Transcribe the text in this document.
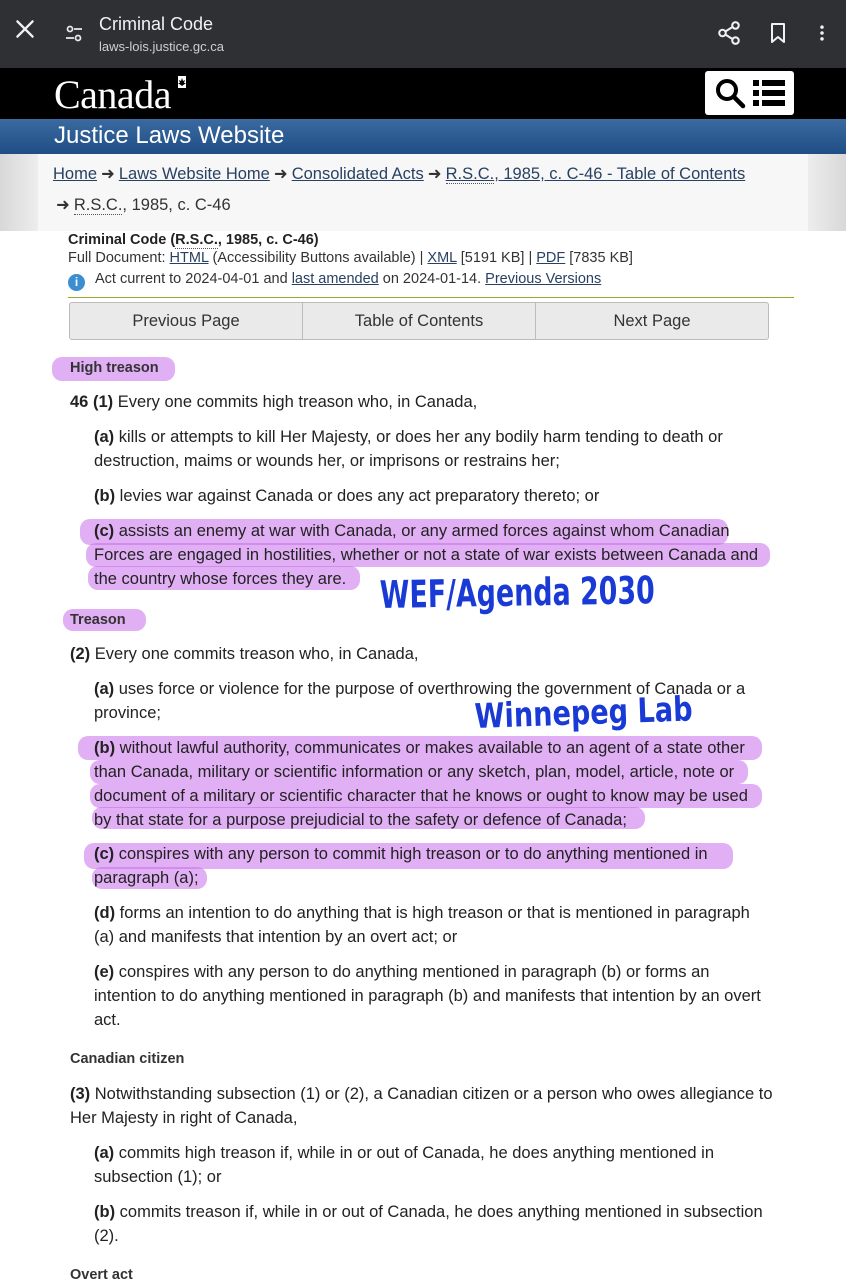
Criminal Code
laws-lois.justice.gc.ca
Canada
Justice Laws Website
Home ➜ Laws Website Home ➜ Consolidated Acts ➜ R.S.C., 1985, c. C-46 - Table of Contents
➜ R.S.C., 1985, c. C-46
Criminal Code (R.S.C., 1985, c. C-46)
Full Document: HTML (Accessibility Buttons available) | XML [5191 KB] | PDF [7835 KB]
i Act current to 2024-04-01 and last amended on 2024-01-14. Previous Versions
Previous Page	Table of Contents	Next Page
High treason
46 (1) Every one commits high treason who, in Canada,
(a) kills or attempts to kill Her Majesty, or does her any bodily harm tending to death or
destruction, maims or wounds her, or imprisons or restrains her;
(b) levies war against Canada or does any act preparatory thereto; or
(c) assists an enemy at war with Canada, or any armed forces against whom Canadian
Forces are engaged in hostilities, whether or not a state of war exists between Canada and
the country whose forces they are.
Treason
(2) Every one commits treason who, in Canada,
(a) uses force or violence for the purpose of overthrowing the government of Canada or a
province;
(b) without lawful authority, communicates or makes available to an agent of a state other
than Canada, military or scientific information or any sketch, plan, model, article, note or
document of a military or scientific character that he knows or ought to know may be used
by that state for a purpose prejudicial to the safety or defence of Canada;
(c) conspires with any person to commit high treason or to do anything mentioned in
paragraph (a);
(d) forms an intention to do anything that is high treason or that is mentioned in paragraph
(a) and manifests that intention by an overt act; or
(e) conspires with any person to do anything mentioned in paragraph (b) or forms an
intention to do anything mentioned in paragraph (b) and manifests that intention by an overt
act.
Canadian citizen
(3) Notwithstanding subsection (1) or (2), a Canadian citizen or a person who owes allegiance to
Her Majesty in right of Canada,
(a) commits high treason if, while in or out of Canada, he does anything mentioned in
subsection (1); or
(b) commits treason if, while in or out of Canada, he does anything mentioned in subsection
(2).
Overt act
WEF/Agenda 2030
Winnepeg Lab
